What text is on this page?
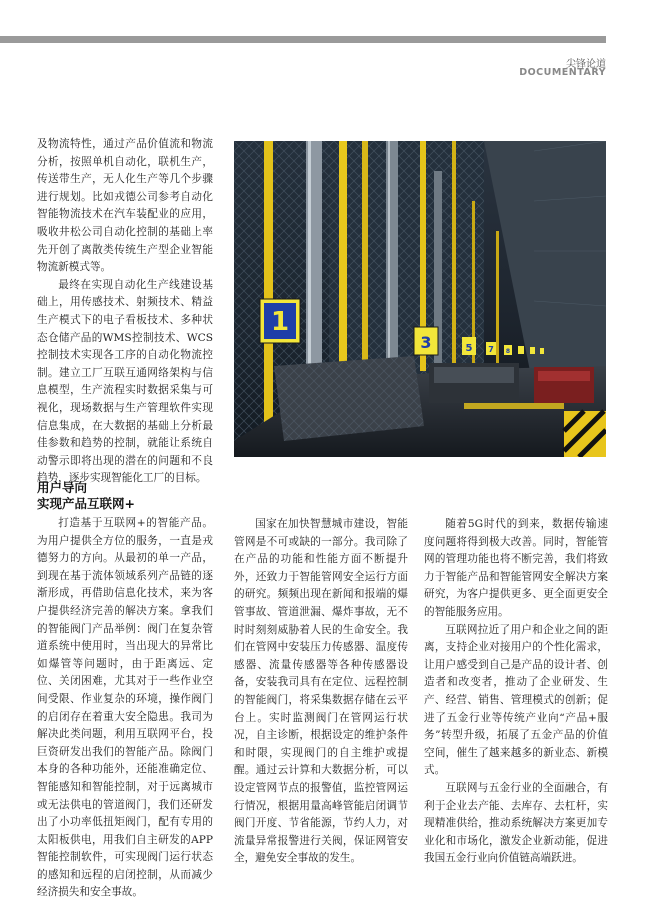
尖锋论道
DOCUMENTARY

及物流特性，通过产品价值流和物流分析，按照单机自动化，联机生产，传送带生产，无人化生产等几个步骤进行规划。比如戎德公司参考自动化智能物流技术在汽车装配业的应用，吸收井松公司自动化控制的基础上率先开创了离散类传统生产型企业智能物流新模式等。

最终在实现自动化生产线建设基础上，用传感技术、射频技术、精益生产模式下的电子看板技术、多种状态仓储产品的WMS控制技术、WCS控制技术实现各工序的自动化物流控制。建立工厂互联互通网络架构与信息模型，生产流程实时数据采集与可视化，现场数据与生产管理软件实现信息集成，在大数据的基础上分析最佳参数和趋势的控制，就能让系统自动警示即将出现的潜在的问题和不良趋势，逐步实现智能化工厂的目标。

用户导向
实现产品互联网+

打造基于互联网+的智能产品。为用户提供全方位的服务，一直是戎德努力的方向。从最初的单一产品，到现在基于流体领域系列产品链的逐渐形成，再借助信息化技术，来为客户提供经济完善的解决方案。拿我们的智能阀门产品举例：阀门在复杂管道系统中使用时，当出现大的异常比如爆管等问题时，由于距离远、定位、关闭困难，尤其对于一些作业空间受限、作业复杂的环境，操作阀门的启闭存在着重大安全隐患。我司为解决此类问题，利用互联网平台，投巨资研发出我们的智能产品。除阀门本身的各种功能外，还能准确定位、智能感知和智能控制，对于远离城市或无法供电的管道阀门，我们还研发出了小功率低扭矩阀门，配有专用的太阳板供电，用我们自主研发的APP智能控制软件，可实现阀门运行状态的感知和远程的启闭控制，从而减少经济损失和安全事故。

1
3	5 7 8

国家在加快智慧城市建设，智能管网是不可或缺的一部分。我司除了在产品的功能和性能方面不断提升外，还致力于智能管网安全运行方面的研究。频频出现在新闻和报端的爆管事故、管道泄漏、爆炸事故，无不时时刻刻威胁着人民的生命安全。我们在管网中安装压力传感器、温度传感器、流量传感器等各种传感器设备，安装我司具有在定位、远程控制的智能阀门，将采集数据存储在云平台上。实时监测阀门在管网运行状况，自主诊断，根据设定的维护条件和时限，实现阀门的自主维护或提醒。通过云计算和大数据分析，可以设定管网节点的报警值，监控管网运行情况，根据用量高峰管能启闭调节阀门开度、节省能源，节约人力，对流量异常报警进行关阀，保证网管安全，避免安全事故的发生。

随着5G时代的到来，数据传输速度问题将得到极大改善。同时，智能管网的管理功能也将不断完善，我们将致力于智能产品和智能管网安全解决方案研究，为客户提供更多、更全面更安全的智能服务应用。

互联网拉近了用户和企业之间的距离，支持企业对接用户的个性化需求，让用户感受到自己是产品的设计者、创造者和改变者，推动了企业研发、生产、经营、销售、管理模式的创新；促进了五金行业等传统产业向“产品+服务”转型升级，拓展了五金产品的价值空间，催生了越来越多的新业态、新模式。

互联网与五金行业的全面融合，有利于企业去产能、去库存、去杠杆，实现精准供给，推动系统解决方案更加专业化和市场化，激发企业新动能，促进我国五金行业向价值链高端跃进。
